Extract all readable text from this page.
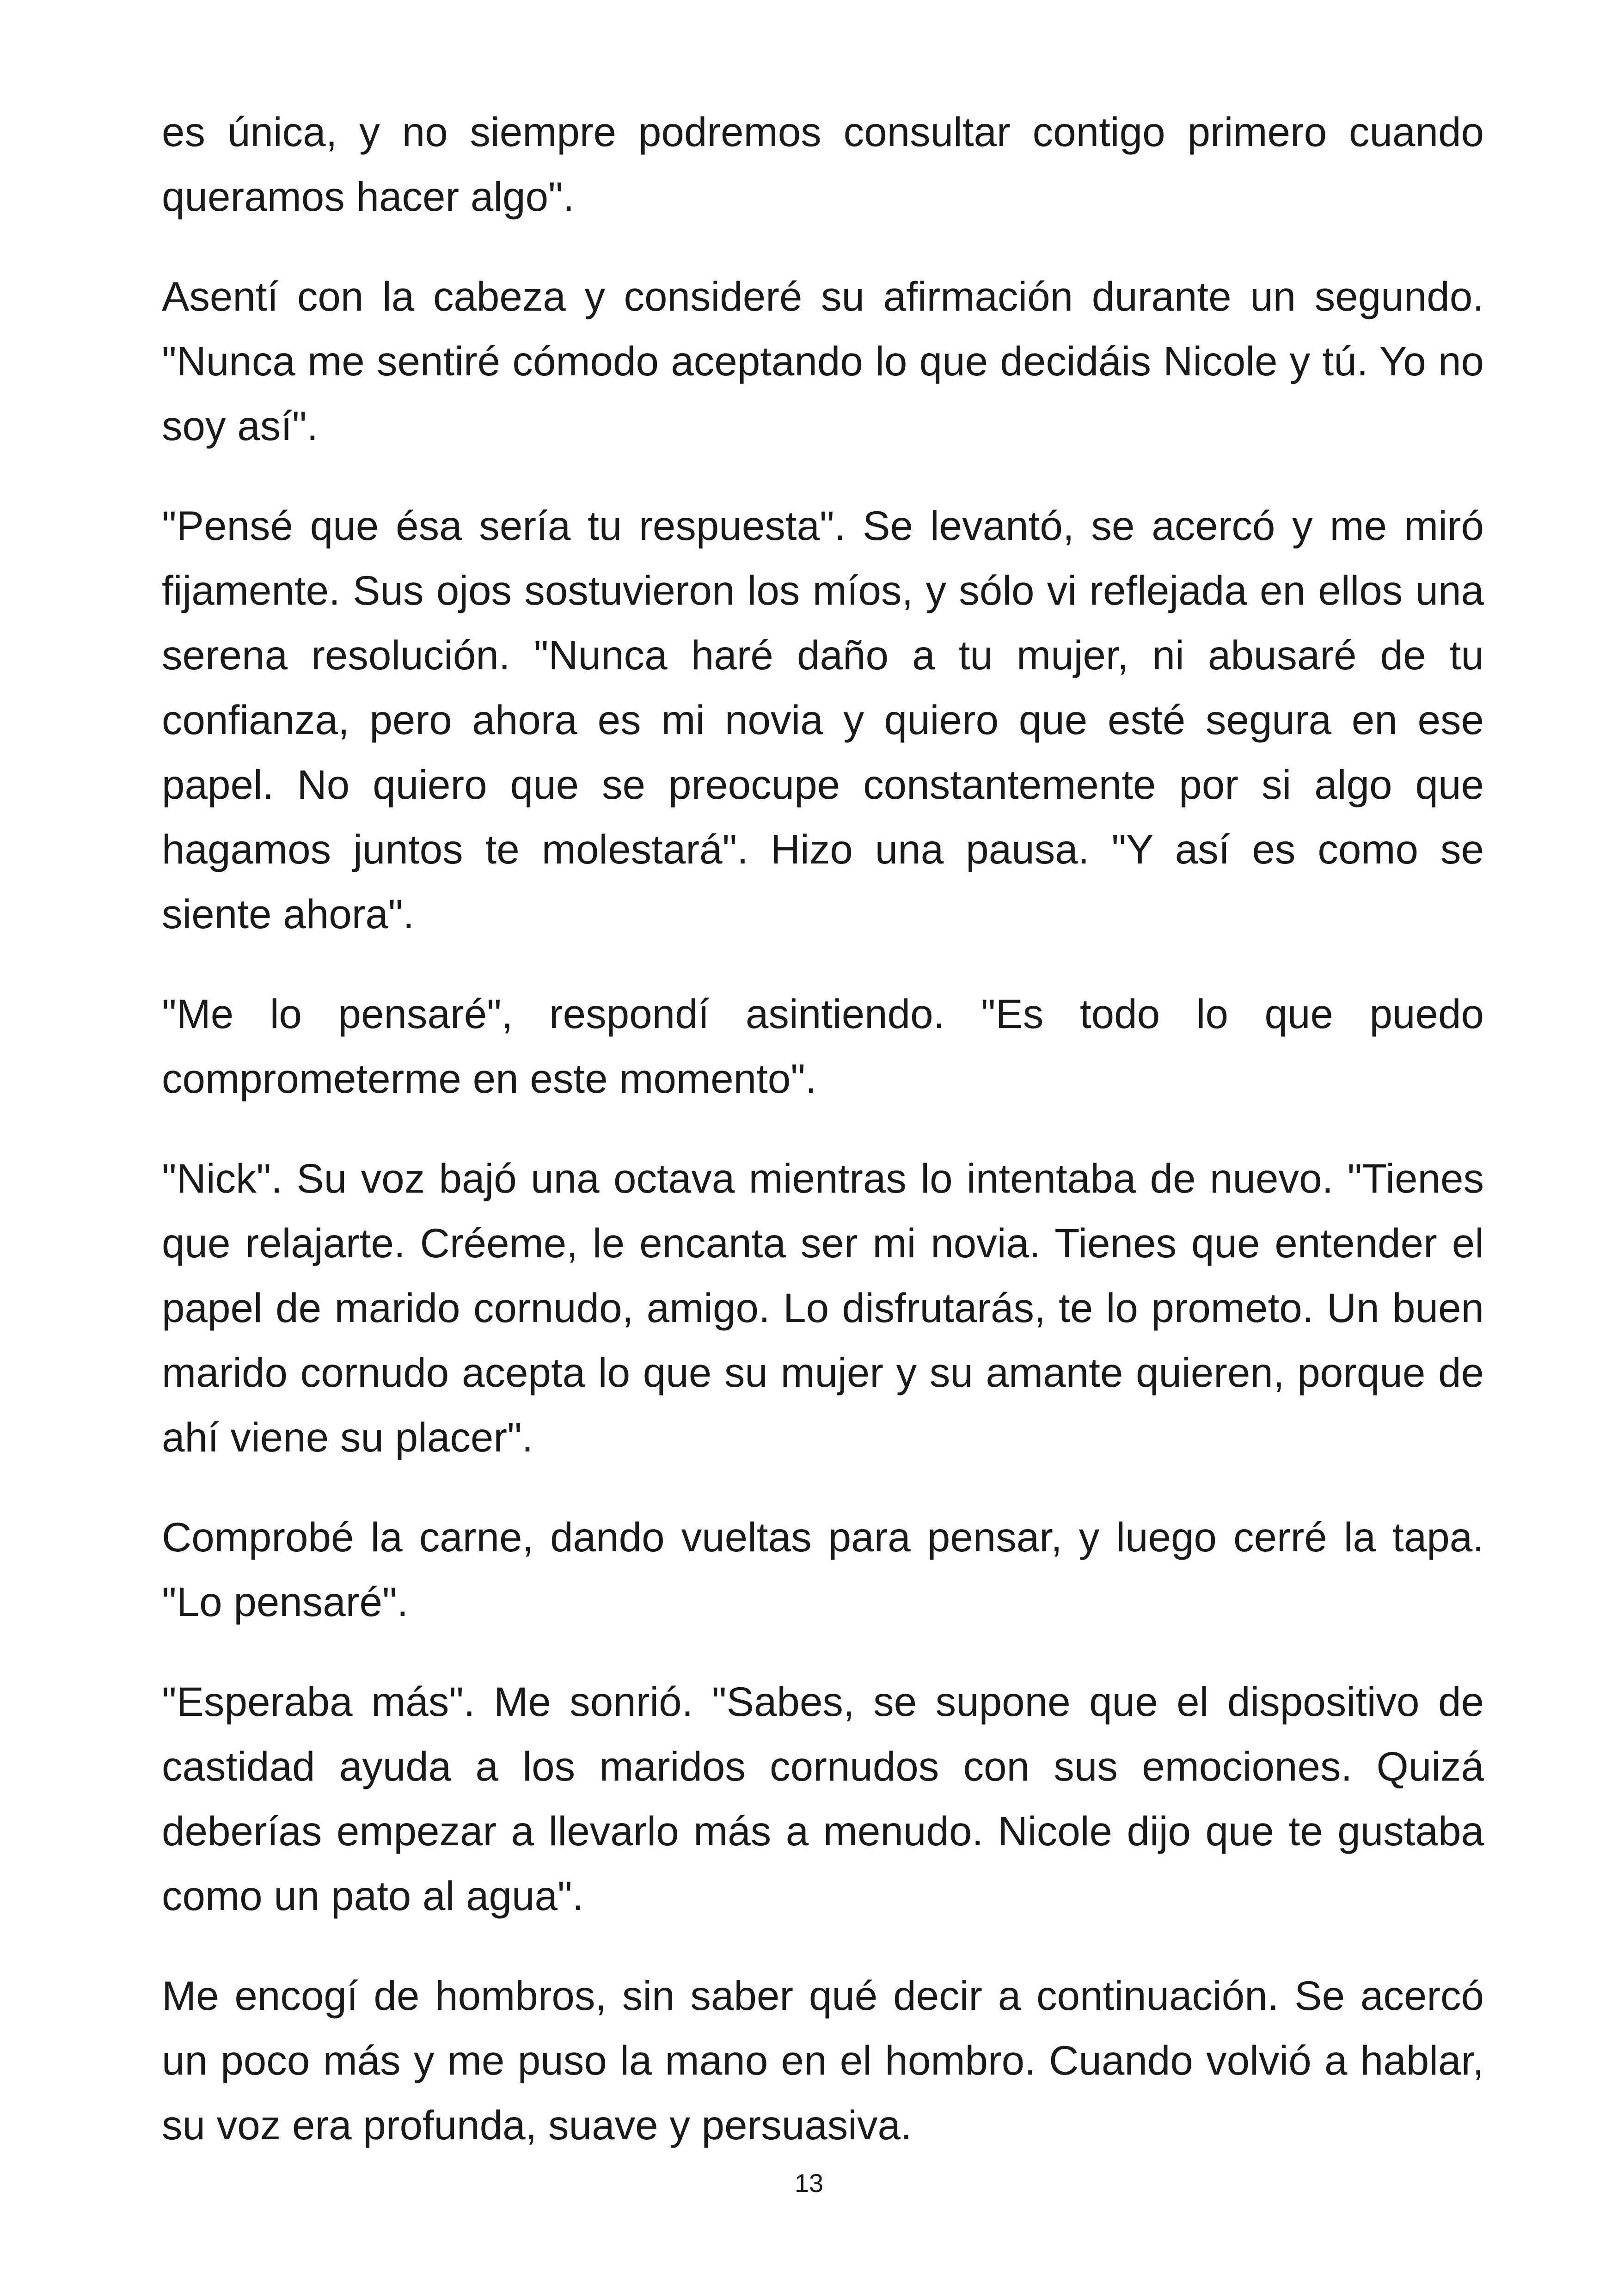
es única, y no siempre podremos consultar contigo primero cuando queramos hacer algo".

Asentí con la cabeza y consideré su afirmación durante un segundo. "Nunca me sentiré cómodo aceptando lo que decidáis Nicole y tú. Yo no soy así".

"Pensé que ésa sería tu respuesta". Se levantó, se acercó y me miró fijamente. Sus ojos sostuvieron los míos, y sólo vi reflejada en ellos una serena resolución. "Nunca haré daño a tu mujer, ni abusaré de tu confianza, pero ahora es mi novia y quiero que esté segura en ese papel. No quiero que se preocupe constantemente por si algo que hagamos juntos te molestará". Hizo una pausa. "Y así es como se siente ahora".

"Me lo pensaré", respondí asintiendo. "Es todo lo que puedo comprometerme en este momento".

"Nick". Su voz bajó una octava mientras lo intentaba de nuevo. "Tienes que relajarte. Créeme, le encanta ser mi novia. Tienes que entender el papel de marido cornudo, amigo. Lo disfrutarás, te lo prometo. Un buen marido cornudo acepta lo que su mujer y su amante quieren, porque de ahí viene su placer".

Comprobé la carne, dando vueltas para pensar, y luego cerré la tapa. "Lo pensaré".

"Esperaba más". Me sonrió. "Sabes, se supone que el dispositivo de castidad ayuda a los maridos cornudos con sus emociones. Quizá deberías empezar a llevarlo más a menudo. Nicole dijo que te gustaba como un pato al agua".

Me encogí de hombros, sin saber qué decir a continuación. Se acercó un poco más y me puso la mano en el hombro. Cuando volvió a hablar, su voz era profunda, suave y persuasiva.

13
